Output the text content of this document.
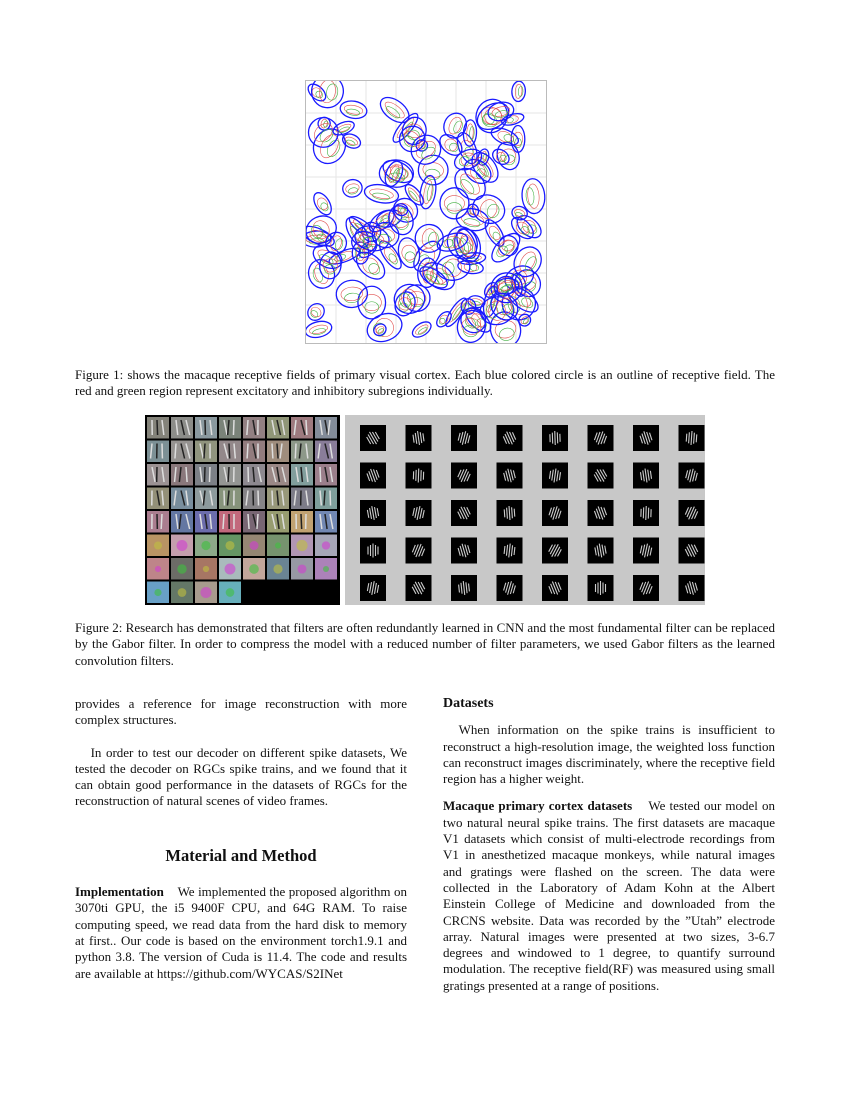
Figure 1: shows the macaque receptive fields of primary visual cortex. Each blue colored circle is an outline of receptive field. The red and green region represent excitatory and inhibitory subregions individually.
Figure 2: Research has demonstrated that filters are often redundantly learned in CNN and the most fundamental filter can be replaced by the Gabor filter. In order to compress the model with a reduced number of filter parameters, we used Gabor filters as the learned convolution filters.

provides a reference for image reconstruction with more complex structures.

In order to test our decoder on different spike datasets, We tested the decoder on RGCs spike trains, and we found that it can obtain good performance in the datasets of RGCs for the reconstruction of natural scenes of video frames.

Material and Method

Implementation We implemented the proposed algorithm on 3070ti GPU, the i5 9400F CPU, and 64G RAM. To raise computing speed, we read data from the hard disk to memory at first.. Our code is based on the environment torch1.9.1 and python 3.8. The version of Cuda is 11.4. The code and results are available at https://github.com/WYCAS/S2INet

Datasets

When information on the spike trains is insufficient to reconstruct a high-resolution image, the weighted loss function can reconstruct images discriminately, where the receptive field region has a higher weight.

Macaque primary cortex datasets We tested our model on two natural neural spike trains. The first datasets are macaque V1 datasets which consist of multi-electrode recordings from V1 in anesthetized macaque monkeys, while natural images and gratings were flashed on the screen. The data were collected in the Laboratory of Adam Kohn at the Albert Einstein College of Medicine and downloaded from the CRCNS website. Data was recorded by the ”Utah” electrode array. Natural images were presented at two sizes, 3-6.7 degrees and windowed to 1 degree, to quantify surround modulation. The receptive field(RF) was measured using small gratings presented at a range of positions.
